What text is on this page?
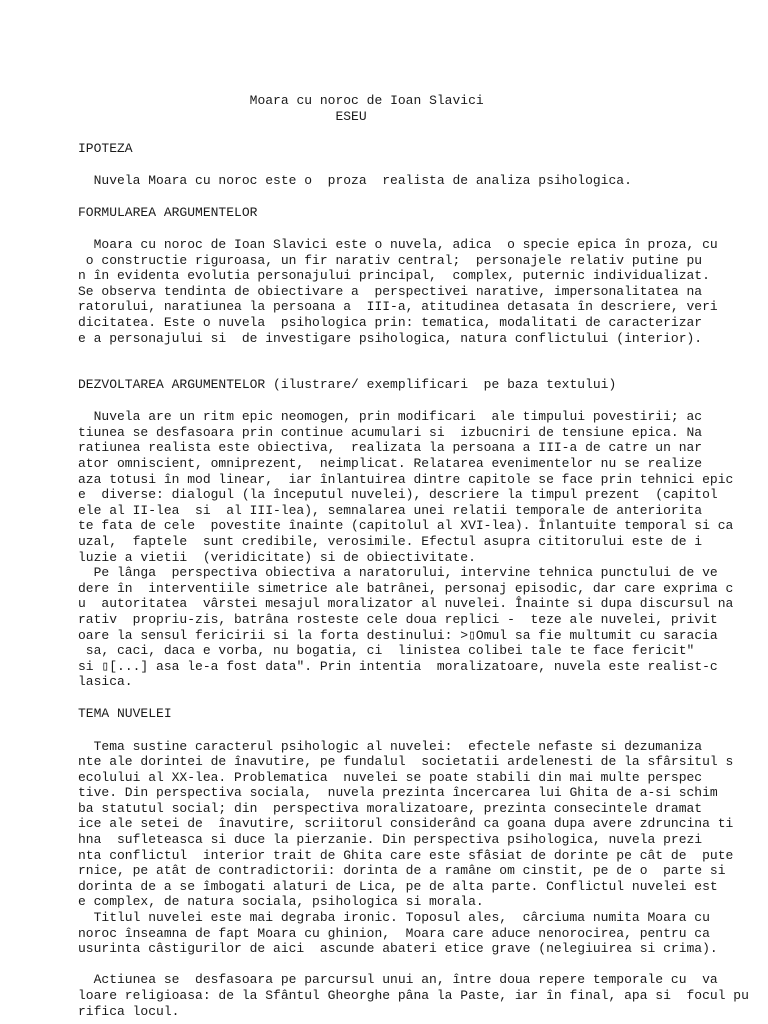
Moara cu noroc de Ioan Slavici
ESEU
IPOTEZA
Nuvela Moara cu noroc este o  proza  realista de analiza psihologica.
FORMULAREA ARGUMENTELOR
Moara cu noroc de Ioan Slavici este o nuvela, adica  o specie epica în proza, cu
o constructie riguroasa, un fir narativ central;  personajele relativ putine pu
n în evidenta evolutia personajului principal,  complex, puternic individualizat.
Se observa tendinta de obiectivare a  perspectivei narative, impersonalitatea na
ratorului, naratiunea la persoana a  III-a, atitudinea detasata în descriere, veri
dicitatea. Este o nuvela  psihologica prin: tematica, modalitati de caracterizar
e a personajului si  de investigare psihologica, natura conflictului (interior).
DEZVOLTAREA ARGUMENTELOR (ilustrare/ exemplificari  pe baza textului)
Nuvela are un ritm epic neomogen, prin modificari  ale timpului povestirii; ac
tiunea se desfasoara prin continue acumulari si  izbucniri de tensiune epica. Na
ratiunea realista este obiectiva,  realizata la persoana a III-a de catre un nar
ator omniscient, omniprezent,  neimplicat. Relatarea evenimentelor nu se realize
aza totusi în mod linear,  iar înlantuirea dintre capitole se face prin tehnici epic
e  diverse: dialogul (la începutul nuvelei), descriere la timpul prezent  (capitol
ele al II-lea  si  al III-lea), semnalarea unei relatii temporale de anteriorita
te fata de cele  povestite înainte (capitolul al XVI-lea). Înlantuite temporal si ca
uzal,  faptele  sunt credibile, verosimile. Efectul asupra cititorului este de i
luzie a vietii  (veridicitate) si de obiectivitate.
Pe lânga  perspectiva obiectiva a naratorului, intervine tehnica punctului de ve
dere în  interventiile simetrice ale batrânei, personaj episodic, dar care exprima c
u  autoritatea  vârstei mesajul moralizator al nuvelei. Înainte si dupa discursul na
rativ  propriu-zis, batrâna rosteste cele doua replici -  teze ale nuvelei, privit
oare la sensul fericirii si la forta destinului: >▯Omul sa fie multumit cu saracia
sa, caci, daca e vorba, nu bogatia, ci  linistea colibei tale te face fericit"
si ▯[...] asa le-a fost data". Prin intentia  moralizatoare, nuvela este realist-c
lasica.
TEMA NUVELEI
Tema sustine caracterul psihologic al nuvelei:  efectele nefaste si dezumaniza
nte ale dorintei de înavutire, pe fundalul  societatii ardelenesti de la sfârsitul s
ecolului al XX-lea. Problematica  nuvelei se poate stabili din mai multe perspec
tive. Din perspectiva sociala,  nuvela prezinta încercarea lui Ghita de a-si schim
ba statutul social; din  perspectiva moralizatoare, prezinta consecintele dramat
ice ale setei de  înavutire, scriitorul considerând ca goana dupa avere zdruncina ti
hna  sufleteasca si duce la pierzanie. Din perspectiva psihologica, nuvela prezi
nta conflictul  interior trait de Ghita care este sfâsiat de dorinte pe cât de  pute
rnice, pe atât de contradictorii: dorinta de a ramâne om cinstit, pe de o  parte si
dorinta de a se îmbogati alaturi de Lica, pe de alta parte. Conflictul nuvelei est
e complex, de natura sociala, psihologica si morala.
Titlul nuvelei este mai degraba ironic. Toposul ales,  cârciuma numita Moara cu
noroc înseamna de fapt Moara cu ghinion,  Moara care aduce nenorocirea, pentru ca
usurinta câstigurilor de aici  ascunde abateri etice grave (nelegiuirea si crima).
Actiunea se  desfasoara pe parcursul unui an, între doua repere temporale cu  va
loare religioasa: de la Sfântul Gheorghe pâna la Paste, iar în final, apa si  focul pu
rifica locul.
